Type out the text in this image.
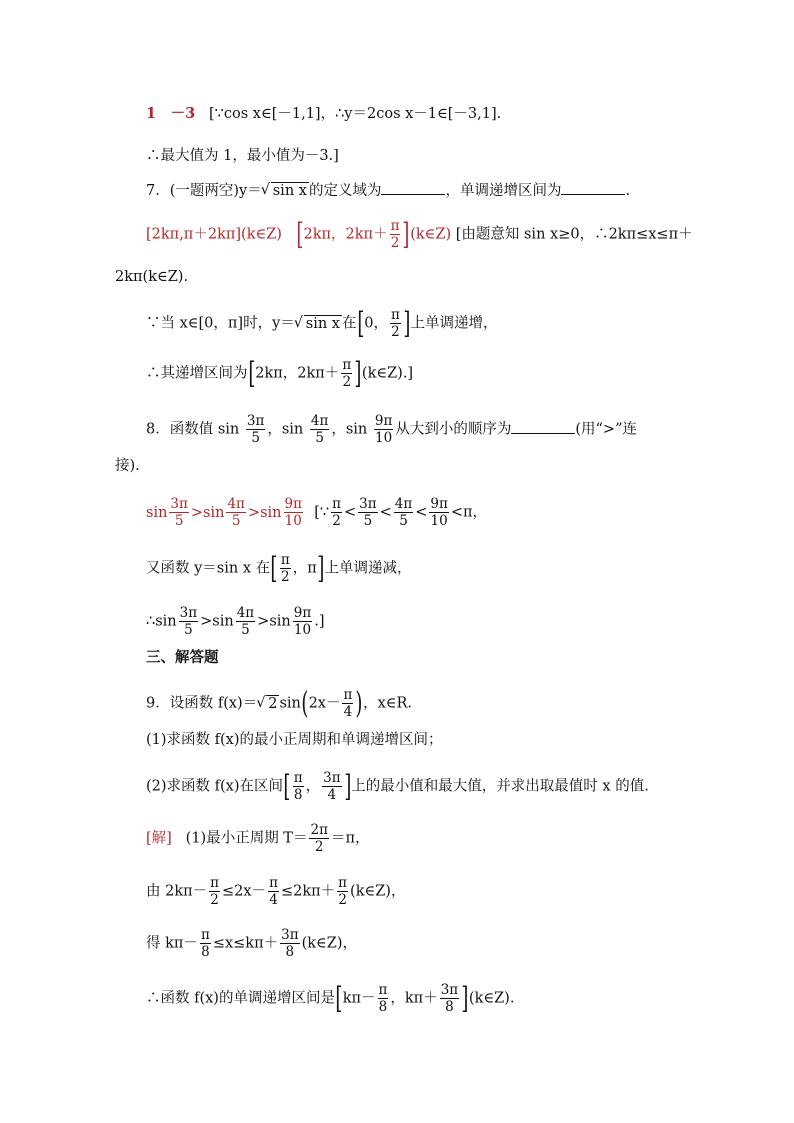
1　－3 [∵cos x∈[－1,1]，∴y＝2cos x－1∈[－3,1].
∴最大值为 1，最小值为－3.]
7．(一题两空)y＝ √ sin x 的定义域为	，单调递增区间为	.
[2kπ,π＋2kπ](k∈Z) [2kπ，$2k\pi+ \frac{\pi}{2}$ ](k∈Z) [由题意知 sin x≥0，∴2kπ≤x≤π＋
2kπ(k∈Z).
∵当 x∈[0，π]时，y＝ √ sin x 在[0， $\frac{\pi}{2}$ ]上单调递增，
∴其递增区间为[2kπ，$2k\pi+ \frac{\pi}{2}$ ](k∈Z).]
8．函数值 $\sin \frac{3\pi}{5}$ ，$\sin \frac{4\pi}{5}$ ，$\sin \frac{9\pi}{10}$ 从大到小的顺序为	(用“>”连
接).
$\sin \frac{3\pi}{5} >\sin \frac{4\pi}{5} >\sin \frac{9\pi}{10}$ [∵ $\frac{\pi}{2} < \frac{3\pi}{5} < \frac{4\pi}{5} < \frac{9\pi}{10} <\pi$，
又函数 y＝sin x 在[ $\frac{\pi}{2}$ ，π]上单调递减，
∴sin $\frac{3\pi}{5} >\sin \frac{4\pi}{5} >\sin \frac{9\pi}{10}$ .]
三、解答题
9．设函数 f(x)＝ √ 2 $\sin(2x- \frac{\pi}{4}$ )，x∈R.
(1)求函数 f(x)的最小正周期和单调递增区间；
(2)求函数 f(x)在区间[ $\frac{\pi}{8}$ ， $\frac{3\pi}{4}$ ]上的最小值和最大值，并求出取最值时 x 的值.
[解] (1)最小正周期 $T= \frac{2\pi}{2} =\pi$，
由 $2k\pi- \frac{\pi}{2} \le 2x- \frac{\pi}{4} \le 2k\pi+ \frac{\pi}{2}$ (k∈Z)，
得 $k\pi- \frac{\pi}{8} \le x\le k\pi+ \frac{3\pi}{8}$ (k∈Z)，
∴函数 f(x)的单调递增区间是[$k\pi- \frac{\pi}{8}$ ，$k\pi+ \frac{3\pi}{8}$ ](k∈Z).
